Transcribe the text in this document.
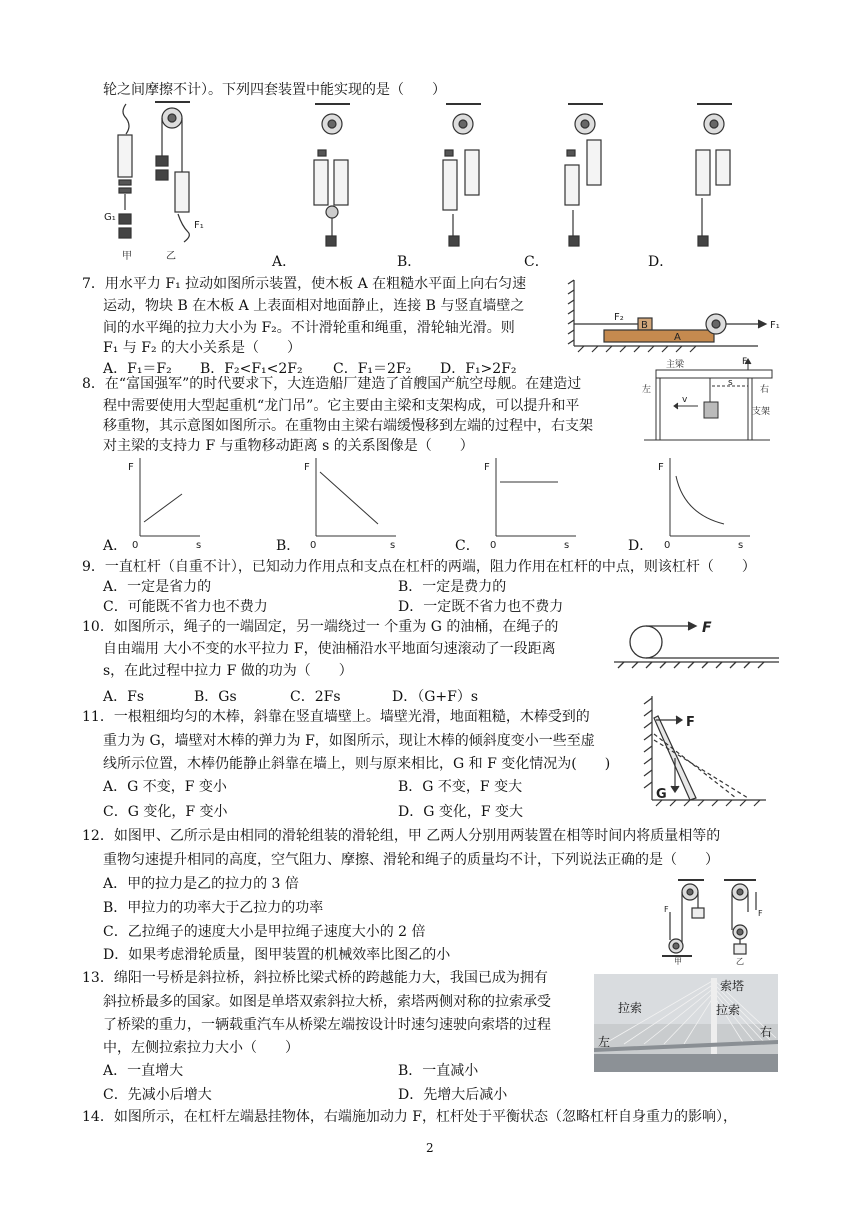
轮之间摩擦不计）。下列四套装置中能实现的是（　　）
G₁
甲	乙
F₁
A．	B．	C．	D．
7．用水平力 F₁ 拉动如图所示装置，使木板 A 在粗糙水平面上向右匀速
运动，物块 B 在木板 A 上表面相对地面静止，连接 B 与竖直墙壁之
间的水平绳的拉力大小为 F₂。不计滑轮重和绳重，滑轮轴光滑。则
F₁ 与 F₂ 的大小关系是（　　）
A．F₁＝F₂ B．F₂<F₁<2F₂ C．F₁＝2F₂ D．F₁>2F₂
F₂
B
A
F₁
8．在“富国强军”的时代要求下，大连造船厂建造了首艘国产航空母舰。在建造过
程中需要使用大型起重机“龙门吊”。它主要由主梁和支架构成，可以提升和平
移重物，其示意图如图所示。在重物由主梁右端缓慢移到左端的过程中，右支架
对主梁的支持力 F 与重物移动距离 s 的关系图像是（　　）
主梁
左	右
支架
F
v
s
F
0	s
F
0	s
F
0	s
F
0	s
A．	B．	C．	D．
9．一直杠杆（自重不计），已知动力作用点和支点在杠杆的两端，阻力作用在杠杆的中点，则该杠杆（　　）
A．一定是省力的	B．一定是费力的
C．可能既不省力也不费力	D．一定既不省力也不费力
10．如图所示，绳子的一端固定，另一端绕过一 个重为 G 的油桶，在绳子的
自由端用 大小不变的水平拉力 F，使油桶沿水平地面匀速滚动了一段距离
s，在此过程中拉力 F 做的功为（　　）
A．Fs	B．Gs	C．2Fs	D．（G+F）s
F
11．一根粗细均匀的木棒，斜靠在竖直墙壁上。墙壁光滑，地面粗糙，木棒受到的
重力为 G，墙壁对木棒的弹力为 F，如图所示，现让木棒的倾斜度变小一些至虚
线所示位置，木棒仍能静止斜靠在墙上，则与原来相比，G 和 F 变化情况为(　　)
A．G 不变，F 变小	B．G 不变，F 变大
C．G 变化，F 变小	D．G 变化，F 变大
F
G
12．如图甲、乙所示是由相同的滑轮组装的滑轮组，甲 乙两人分别用两装置在相等时间内将质量相等的
重物匀速提升相同的高度，空气阻力、摩擦、滑轮和绳子的质量均不计，下列说法正确的是（　　）
A．甲的拉力是乙的拉力的 3 倍
B．甲拉力的功率大于乙拉力的功率
C．乙拉绳子的速度大小是甲拉绳子速度大小的 2 倍
D．如果考虑滑轮质量，图甲装置的机械效率比图乙的小
F	F
甲	乙
13．绵阳一号桥是斜拉桥，斜拉桥比梁式桥的跨越能力大，我国已成为拥有
斜拉桥最多的国家。如图是单塔双索斜拉大桥，索塔两侧对称的拉索承受
了桥梁的重力，一辆载重汽车从桥梁左端按设计时速匀速驶向索塔的过程
中，左侧拉索拉力大小（　　）
A．一直增大	B．一直减小
C．先减小后增大	D．先增大后减小
索塔
拉索	拉索
左
右
14．如图所示，在杠杆左端悬挂物体，右端施加动力 F，杠杆处于平衡状态（忽略杠杆自身重力的影响），
2
